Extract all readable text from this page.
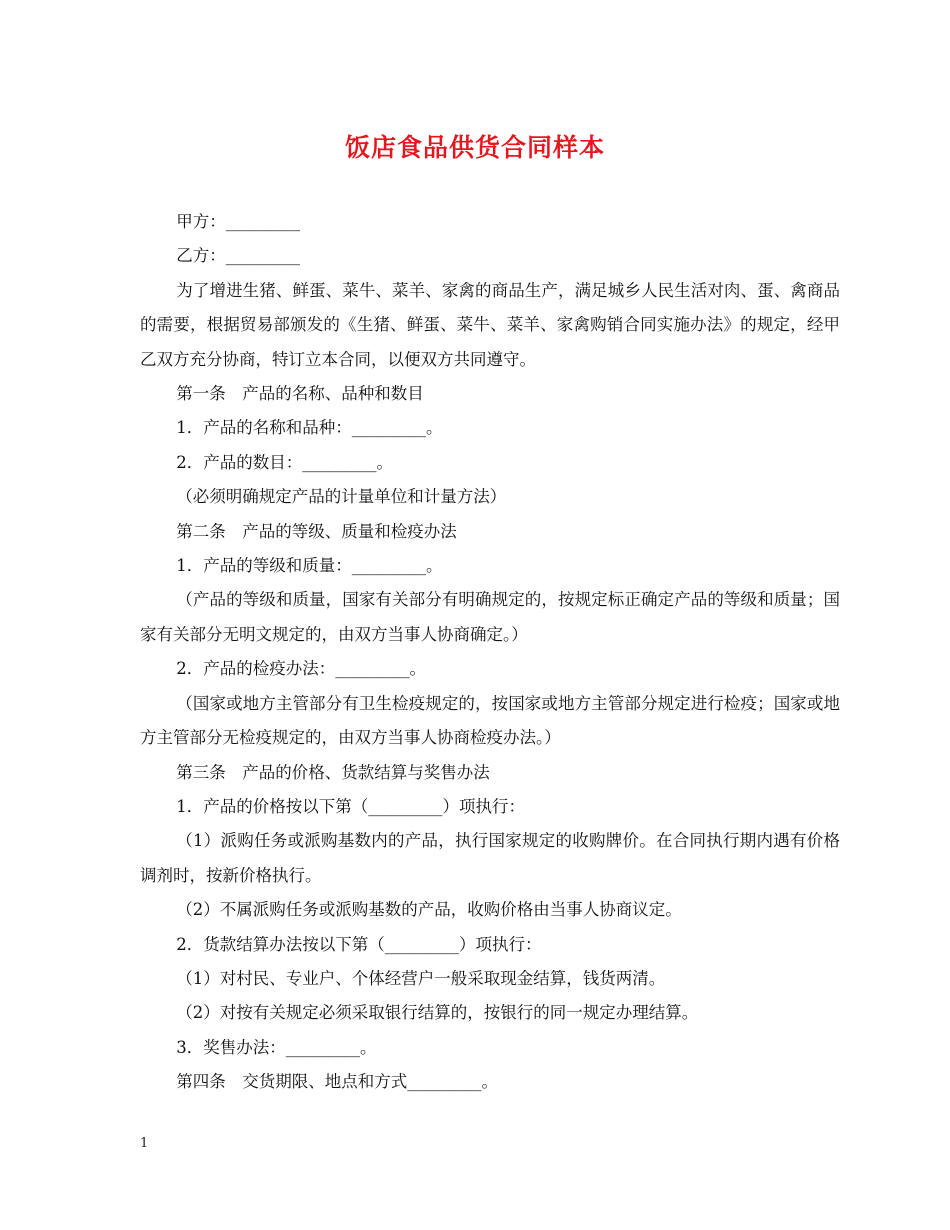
饭店食品供货合同样本

甲方：_________

乙方：_________

为了增进生猪、鲜蛋、菜牛、菜羊、家禽的商品生产，满足城乡人民生活对肉、蛋、禽商品的需要，根据贸易部颁发的《生猪、鲜蛋、菜牛、菜羊、家禽购销合同实施办法》的规定，经甲乙双方充分协商，特订立本合同，以便双方共同遵守。

第一条　产品的名称、品种和数目

1．产品的名称和品种：_________。

2．产品的数目：_________。

（必须明确规定产品的计量单位和计量方法）

第二条　产品的等级、质量和检疫办法

1．产品的等级和质量：_________。

（产品的等级和质量，国家有关部分有明确规定的，按规定标正确定产品的等级和质量；国家有关部分无明文规定的，由双方当事人协商确定。）

2．产品的检疫办法：_________。

（国家或地方主管部分有卫生检疫规定的，按国家或地方主管部分规定进行检疫；国家或地方主管部分无检疫规定的，由双方当事人协商检疫办法。）

第三条　产品的价格、货款结算与奖售办法

1．产品的价格按以下第（_________）项执行：

（1）派购任务或派购基数内的产品，执行国家规定的收购牌价。在合同执行期内遇有价格调剂时，按新价格执行。

（2）不属派购任务或派购基数的产品，收购价格由当事人协商议定。

2．货款结算办法按以下第（_________）项执行：

（1）对村民、专业户、个体经营户一般采取现金结算，钱货两清。

（2）对按有关规定必须采取银行结算的，按银行的同一规定办理结算。

3．奖售办法：_________。

第四条　交货期限、地点和方式_________。

1
